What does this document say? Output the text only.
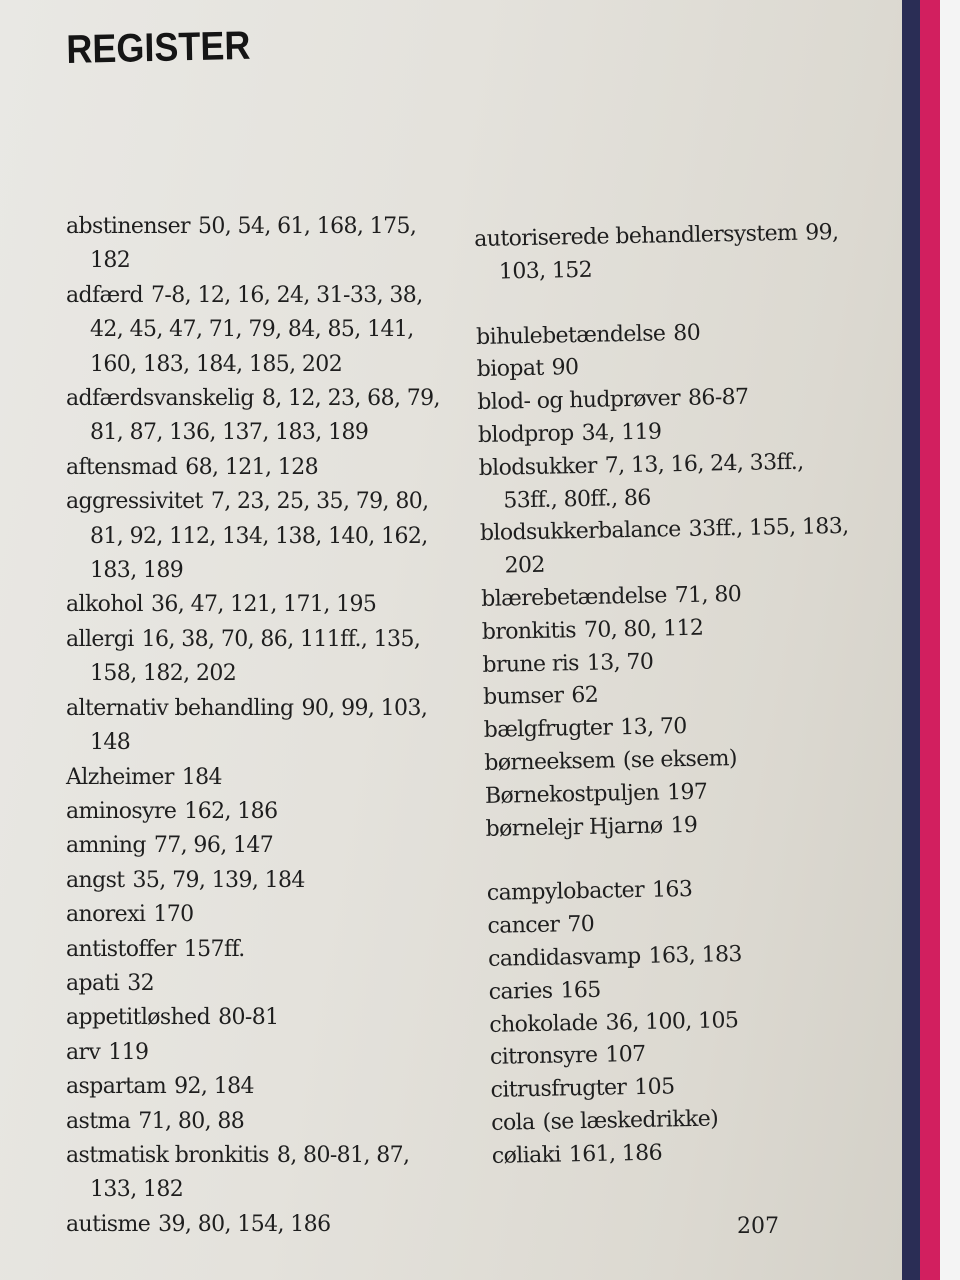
REGISTER
abstinenser 50, 54, 61, 168, 175,
182
adfærd 7-8, 12, 16, 24, 31-33, 38,
42, 45, 47, 71, 79, 84, 85, 141,
160, 183, 184, 185, 202
adfærdsvanskelig 8, 12, 23, 68, 79,
81, 87, 136, 137, 183, 189
aftensmad 68, 121, 128
aggressivitet 7, 23, 25, 35, 79, 80,
81, 92, 112, 134, 138, 140, 162,
183, 189
alkohol 36, 47, 121, 171, 195
allergi 16, 38, 70, 86, 111ff., 135,
158, 182, 202
alternativ behandling 90, 99, 103,
148
Alzheimer 184
aminosyre 162, 186
amning 77, 96, 147
angst 35, 79, 139, 184
anorexi 170
antistoffer 157ff.
apati 32
appetitløshed 80-81
arv 119
aspartam 92, 184
astma 71, 80, 88
astmatisk bronkitis 8, 80-81, 87,
133, 182
autisme 39, 80, 154, 186
autoriserede behandlersystem 99,
103, 152
bihulebetændelse 80
biopat 90
blod- og hudprøver 86-87
blodprop 34, 119
blodsukker 7, 13, 16, 24, 33ff.,
53ff., 80ff., 86
blodsukkerbalance 33ff., 155, 183,
202
blærebetændelse 71, 80
bronkitis 70, 80, 112
brune ris 13, 70
bumser 62
bælgfrugter 13, 70
børneeksem (se eksem)
Børnekostpuljen 197
børnelejr Hjarnø 19
campylobacter 163
cancer 70
candidasvamp 163, 183
caries 165
chokolade 36, 100, 105
citronsyre 107
citrusfrugter 105
cola (se læskedrikke)
cøliaki 161, 186
207
